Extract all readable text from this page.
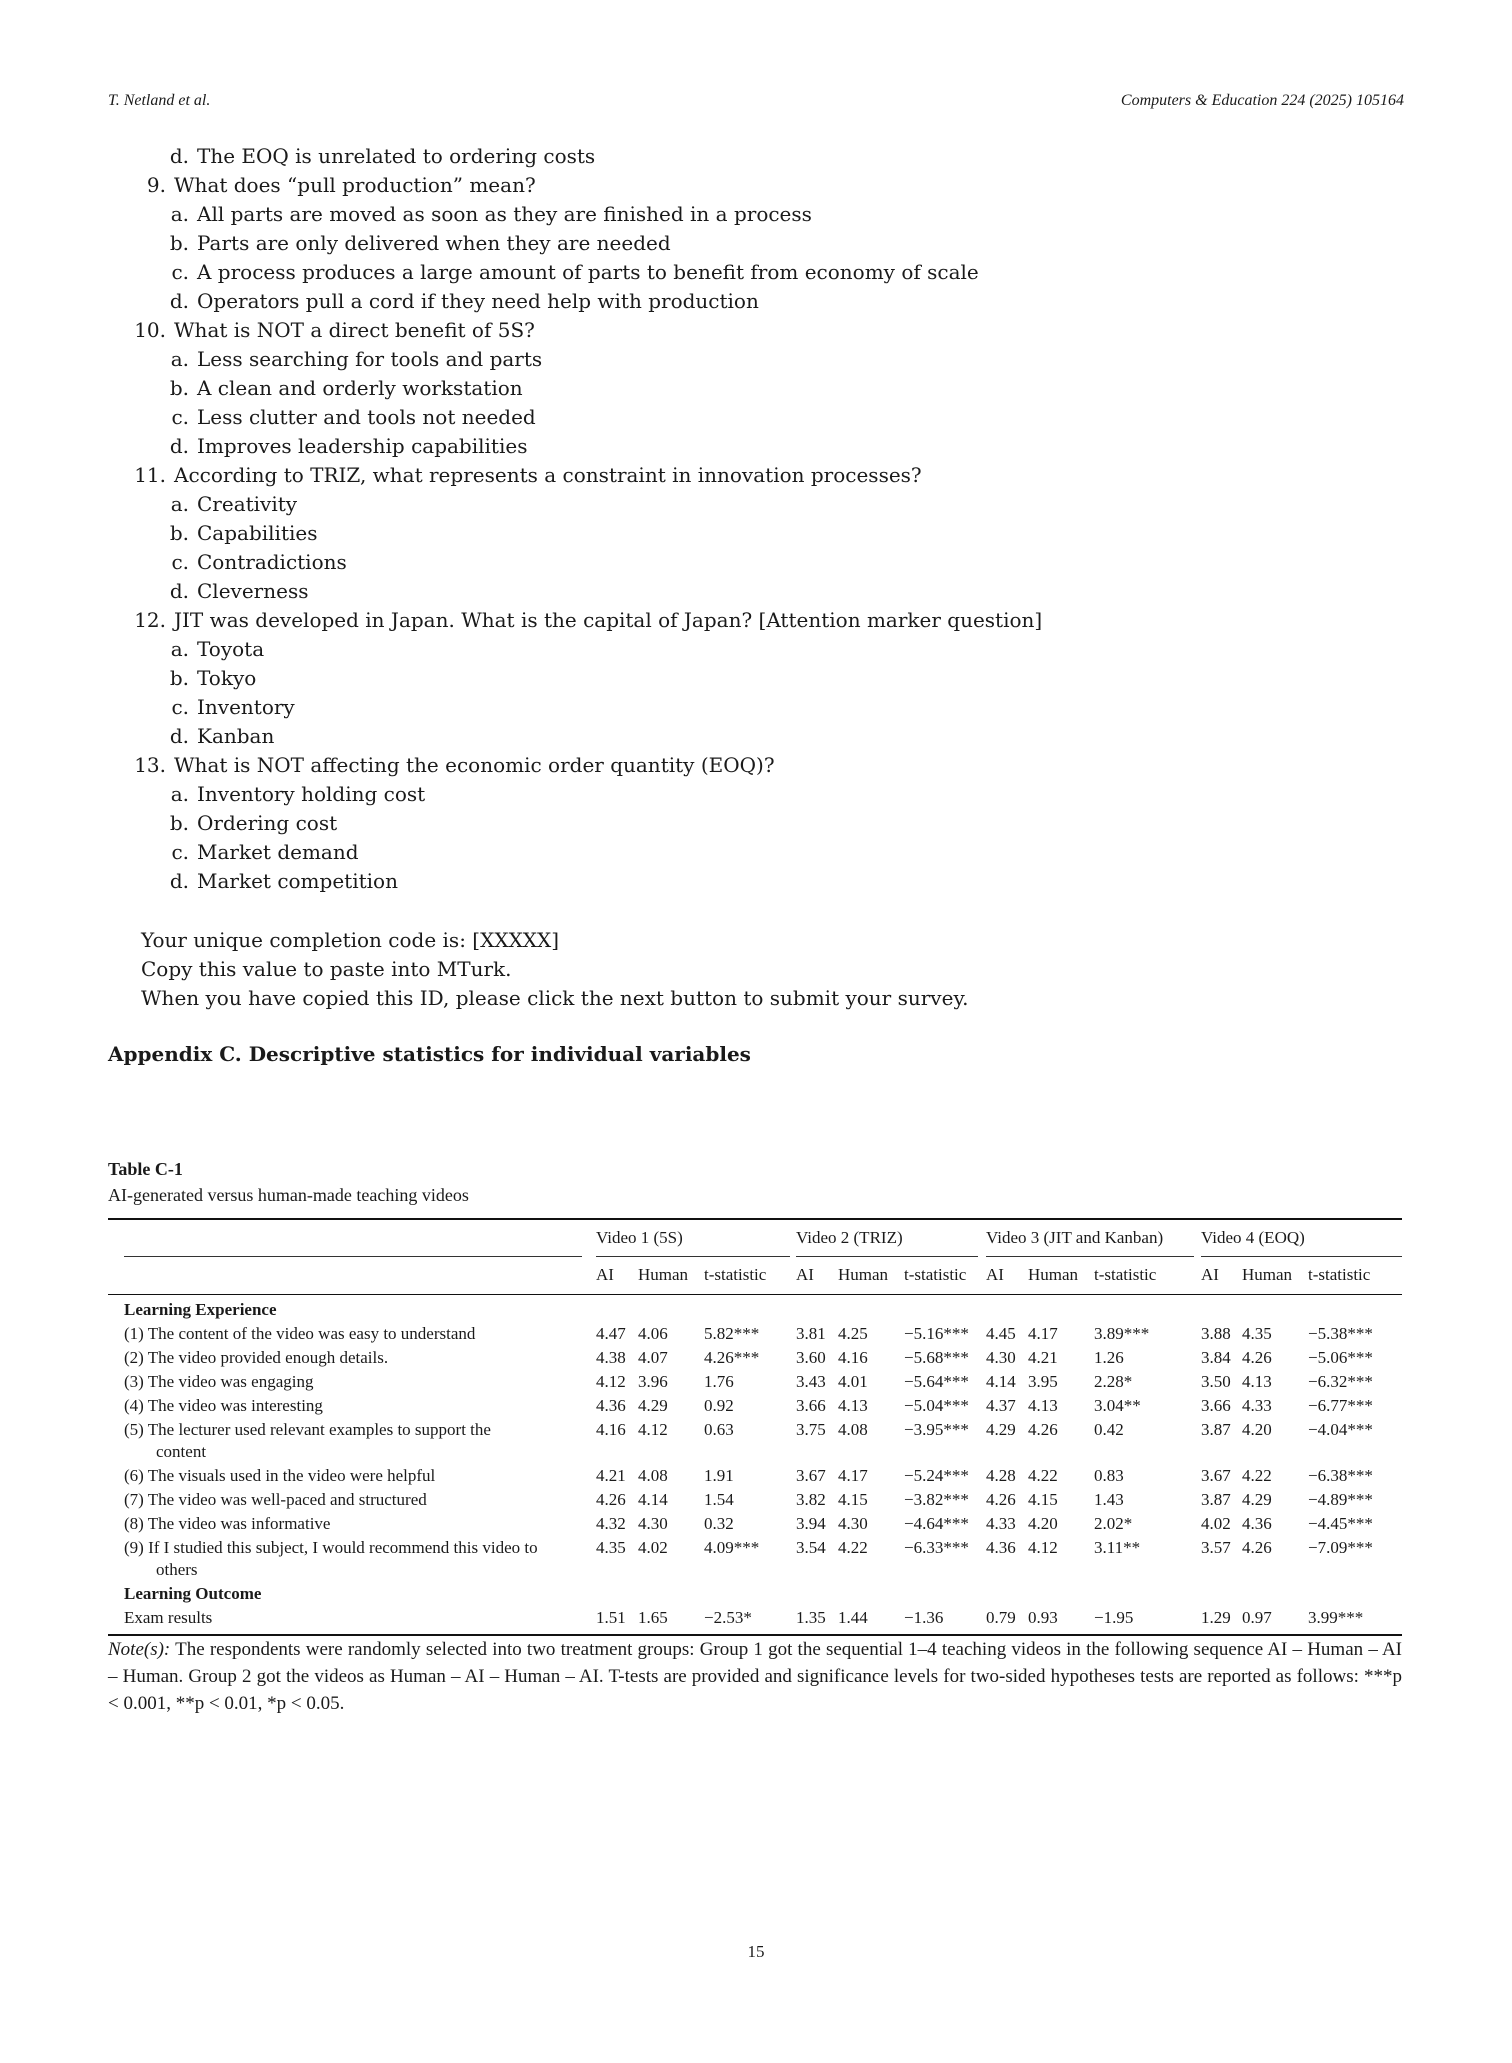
T. Netland et al.	Computers & Education 224 (2025) 105164
d. The EOQ is unrelated to ordering costs
9. What does “pull production” mean?
a. All parts are moved as soon as they are finished in a process
b. Parts are only delivered when they are needed
c. A process produces a large amount of parts to benefit from economy of scale
d. Operators pull a cord if they need help with production
10. What is NOT a direct benefit of 5S?
a. Less searching for tools and parts
b. A clean and orderly workstation
c. Less clutter and tools not needed
d. Improves leadership capabilities
11. According to TRIZ, what represents a constraint in innovation processes?
a. Creativity
b. Capabilities
c. Contradictions
d. Cleverness
12. JIT was developed in Japan. What is the capital of Japan? [Attention marker question]
a. Toyota
b. Tokyo
c. Inventory
d. Kanban
13. What is NOT affecting the economic order quantity (EOQ)?
a. Inventory holding cost
b. Ordering cost
c. Market demand
d. Market competition
Your unique completion code is: [XXXXX]
Copy this value to paste into MTurk.
When you have copied this ID, please click the next button to submit your survey.
Appendix C. Descriptive statistics for individual variables
Table C-1
AI-generated versus human-made teaching videos
Video 1 (5S)
AI Human t-statistic
Video 2 (TRIZ)
AI Human t-statistic
Video 3 (JIT and Kanban)
AI Human t-statistic
Video 4 (EOQ)
AI Human t-statistic
Learning Experience
(1) The content of the video was easy to understand	4.47 4.06 5.82*** 3.81 4.25 −5.16*** 4.45 4.17 3.89***	3.88 4.35 −5.38***
(2) The video provided enough details.	4.38 4.07 4.26*** 3.60 4.16 −5.68*** 4.30 4.21 1.26	3.84 4.26 −5.06***
(3) The video was engaging	4.12 3.96 1.76	3.43 4.01 −5.64*** 4.14 3.95 2.28*	3.50 4.13 −6.32***
(4) The video was interesting	4.36 4.29 0.92	3.66 4.13 −5.04*** 4.37 4.13 3.04**	3.66 4.33 −6.77***
(5) The lecturer used relevant examples to support the	4.16 4.12 0.63	3.75 4.08 −3.95*** 4.29 4.26 0.42	3.87 4.20 −4.04***
content
(6) The visuals used in the video were helpful	4.21 4.08 1.91	3.67 4.17 −5.24*** 4.28 4.22 0.83	3.67 4.22 −6.38***
(7) The video was well-paced and structured	4.26 4.14 1.54	3.82 4.15 −3.82*** 4.26 4.15 1.43	3.87 4.29 −4.89***
(8) The video was informative	4.32 4.30 0.32	3.94 4.30 −4.64*** 4.33 4.20 2.02*	4.02 4.36 −4.45***
(9) If I studied this subject, I would recommend this video to	4.35 4.02 4.09*** 3.54 4.22 −6.33*** 4.36 4.12 3.11**	3.57 4.26 −7.09***
others
Learning Outcome
Exam results	1.51 1.65 −2.53*	1.35 1.44 −1.36	0.79 0.93 −1.95	1.29 0.97 3.99***
Note(s): The respondents were randomly selected into two treatment groups: Group 1 got the sequential 1–4 teaching videos in the following sequence AI – Human – AI – Human. Group 2 got the videos as Human – AI – Human – AI. T-tests are provided and significance levels for two-sided hypotheses tests are reported as follows: ***p < 0.001, **p < 0.01, *p < 0.05.
15
